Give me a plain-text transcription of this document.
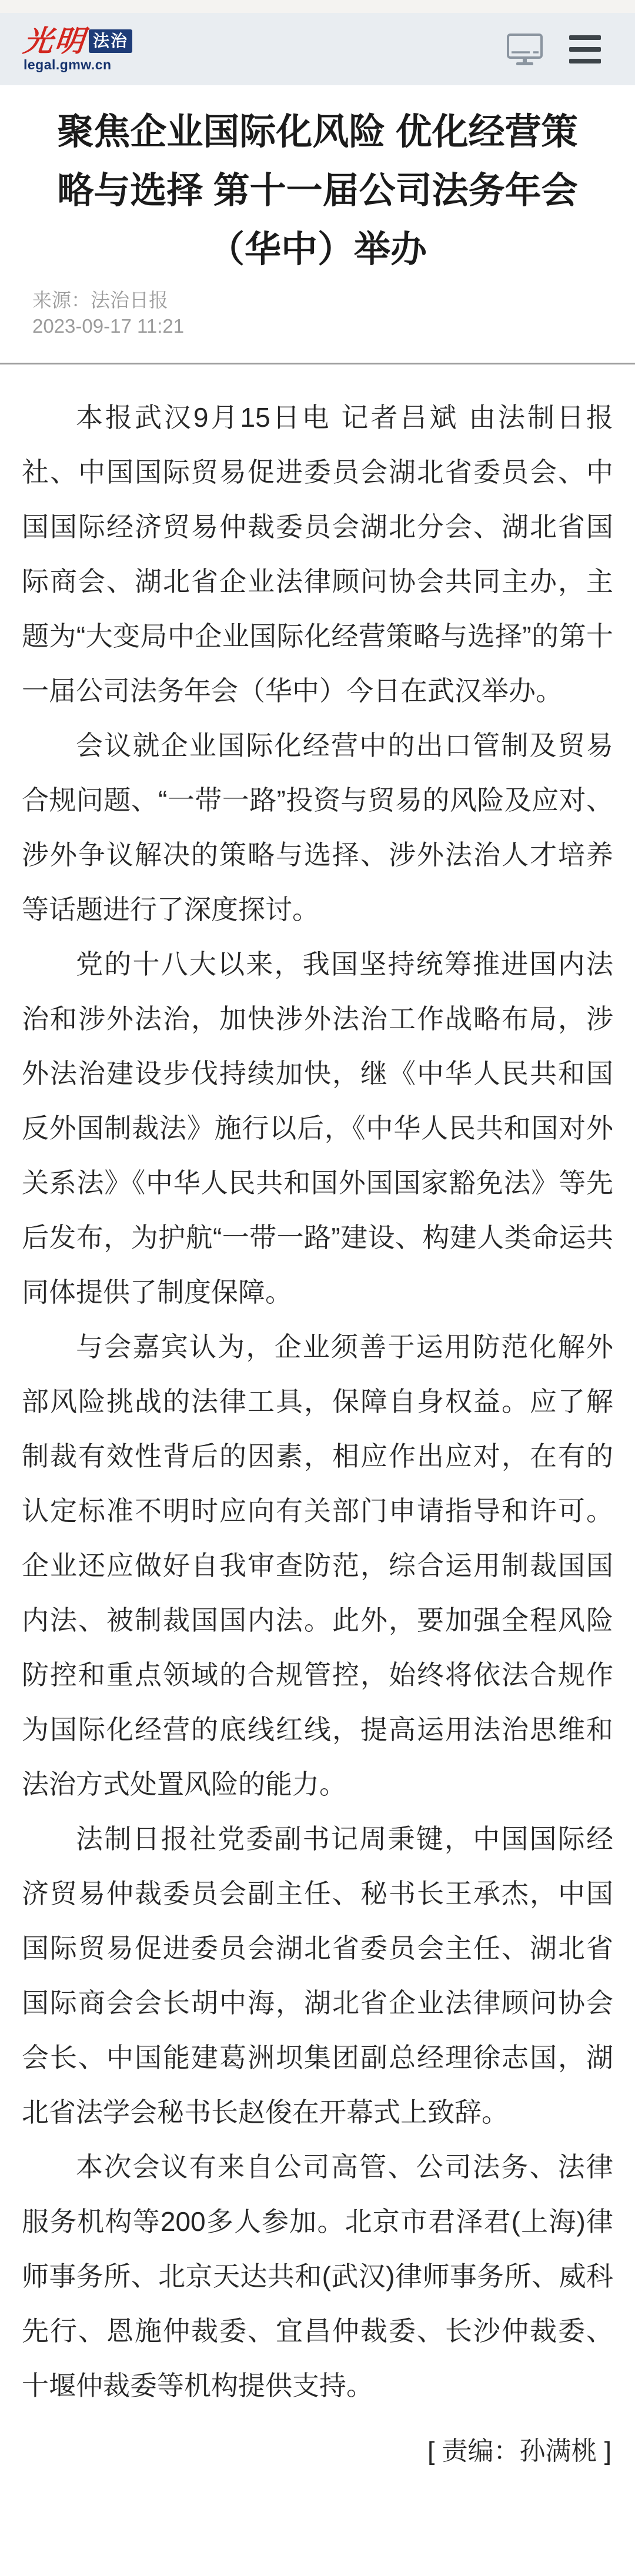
光明 法治
legal.gmw.cn
聚焦企业国际化风险 优化经营策
略与选择 第十一届公司法务年会
（华中）举办
来源：法治日报
2023-09-17 11:21

本报武汉9月15日电 记者吕斌 由法制日报社、中国国际贸易促进委员会湖北省委员会、中国国际经济贸易仲裁委员会湖北分会、湖北省国际商会、湖北省企业法律顾问协会共同主办，主题为“大变局中企业国际化经营策略与选择”的第十一届公司法务年会（华中）今日在武汉举办。

会议就企业国际化经营中的出口管制及贸易合规问题、“一带一路”投资与贸易的风险及应对、涉外争议解决的策略与选择、涉外法治人才培养等话题进行了深度探讨。

党的十八大以来，我国坚持统筹推进国内法治和涉外法治，加快涉外法治工作战略布局，涉外法治建设步伐持续加快，继《中华人民共和国反外国制裁法》施行以后，《中华人民共和国对外关系法》《中华人民共和国外国国家豁免法》等先后发布，为护航“一带一路”建设、构建人类命运共同体提供了制度保障。

与会嘉宾认为，企业须善于运用防范化解外部风险挑战的法律工具，保障自身权益。应了解制裁有效性背后的因素，相应作出应对，在有的认定标准不明时应向有关部门申请指导和许可。企业还应做好自我审查防范，综合运用制裁国国内法、被制裁国国内法。此外，要加强全程风险防控和重点领域的合规管控，始终将依法合规作为国际化经营的底线红线，提高运用法治思维和法治方式处置风险的能力。

法制日报社党委副书记周秉键，中国国际经济贸易仲裁委员会副主任、秘书长王承杰，中国国际贸易促进委员会湖北省委员会主任、湖北省国际商会会长胡中海，湖北省企业法律顾问协会会长、中国能建葛洲坝集团副总经理徐志国，湖北省法学会秘书长赵俊在开幕式上致辞。

本次会议有来自公司高管、公司法务、法律服务机构等200多人参加。北京市君泽君(上海)律师事务所、北京天达共和(武汉)律师事务所、威科先行、恩施仲裁委、宜昌仲裁委、长沙仲裁委、十堰仲裁委等机构提供支持。

[ 责编：孙满桃 ]
